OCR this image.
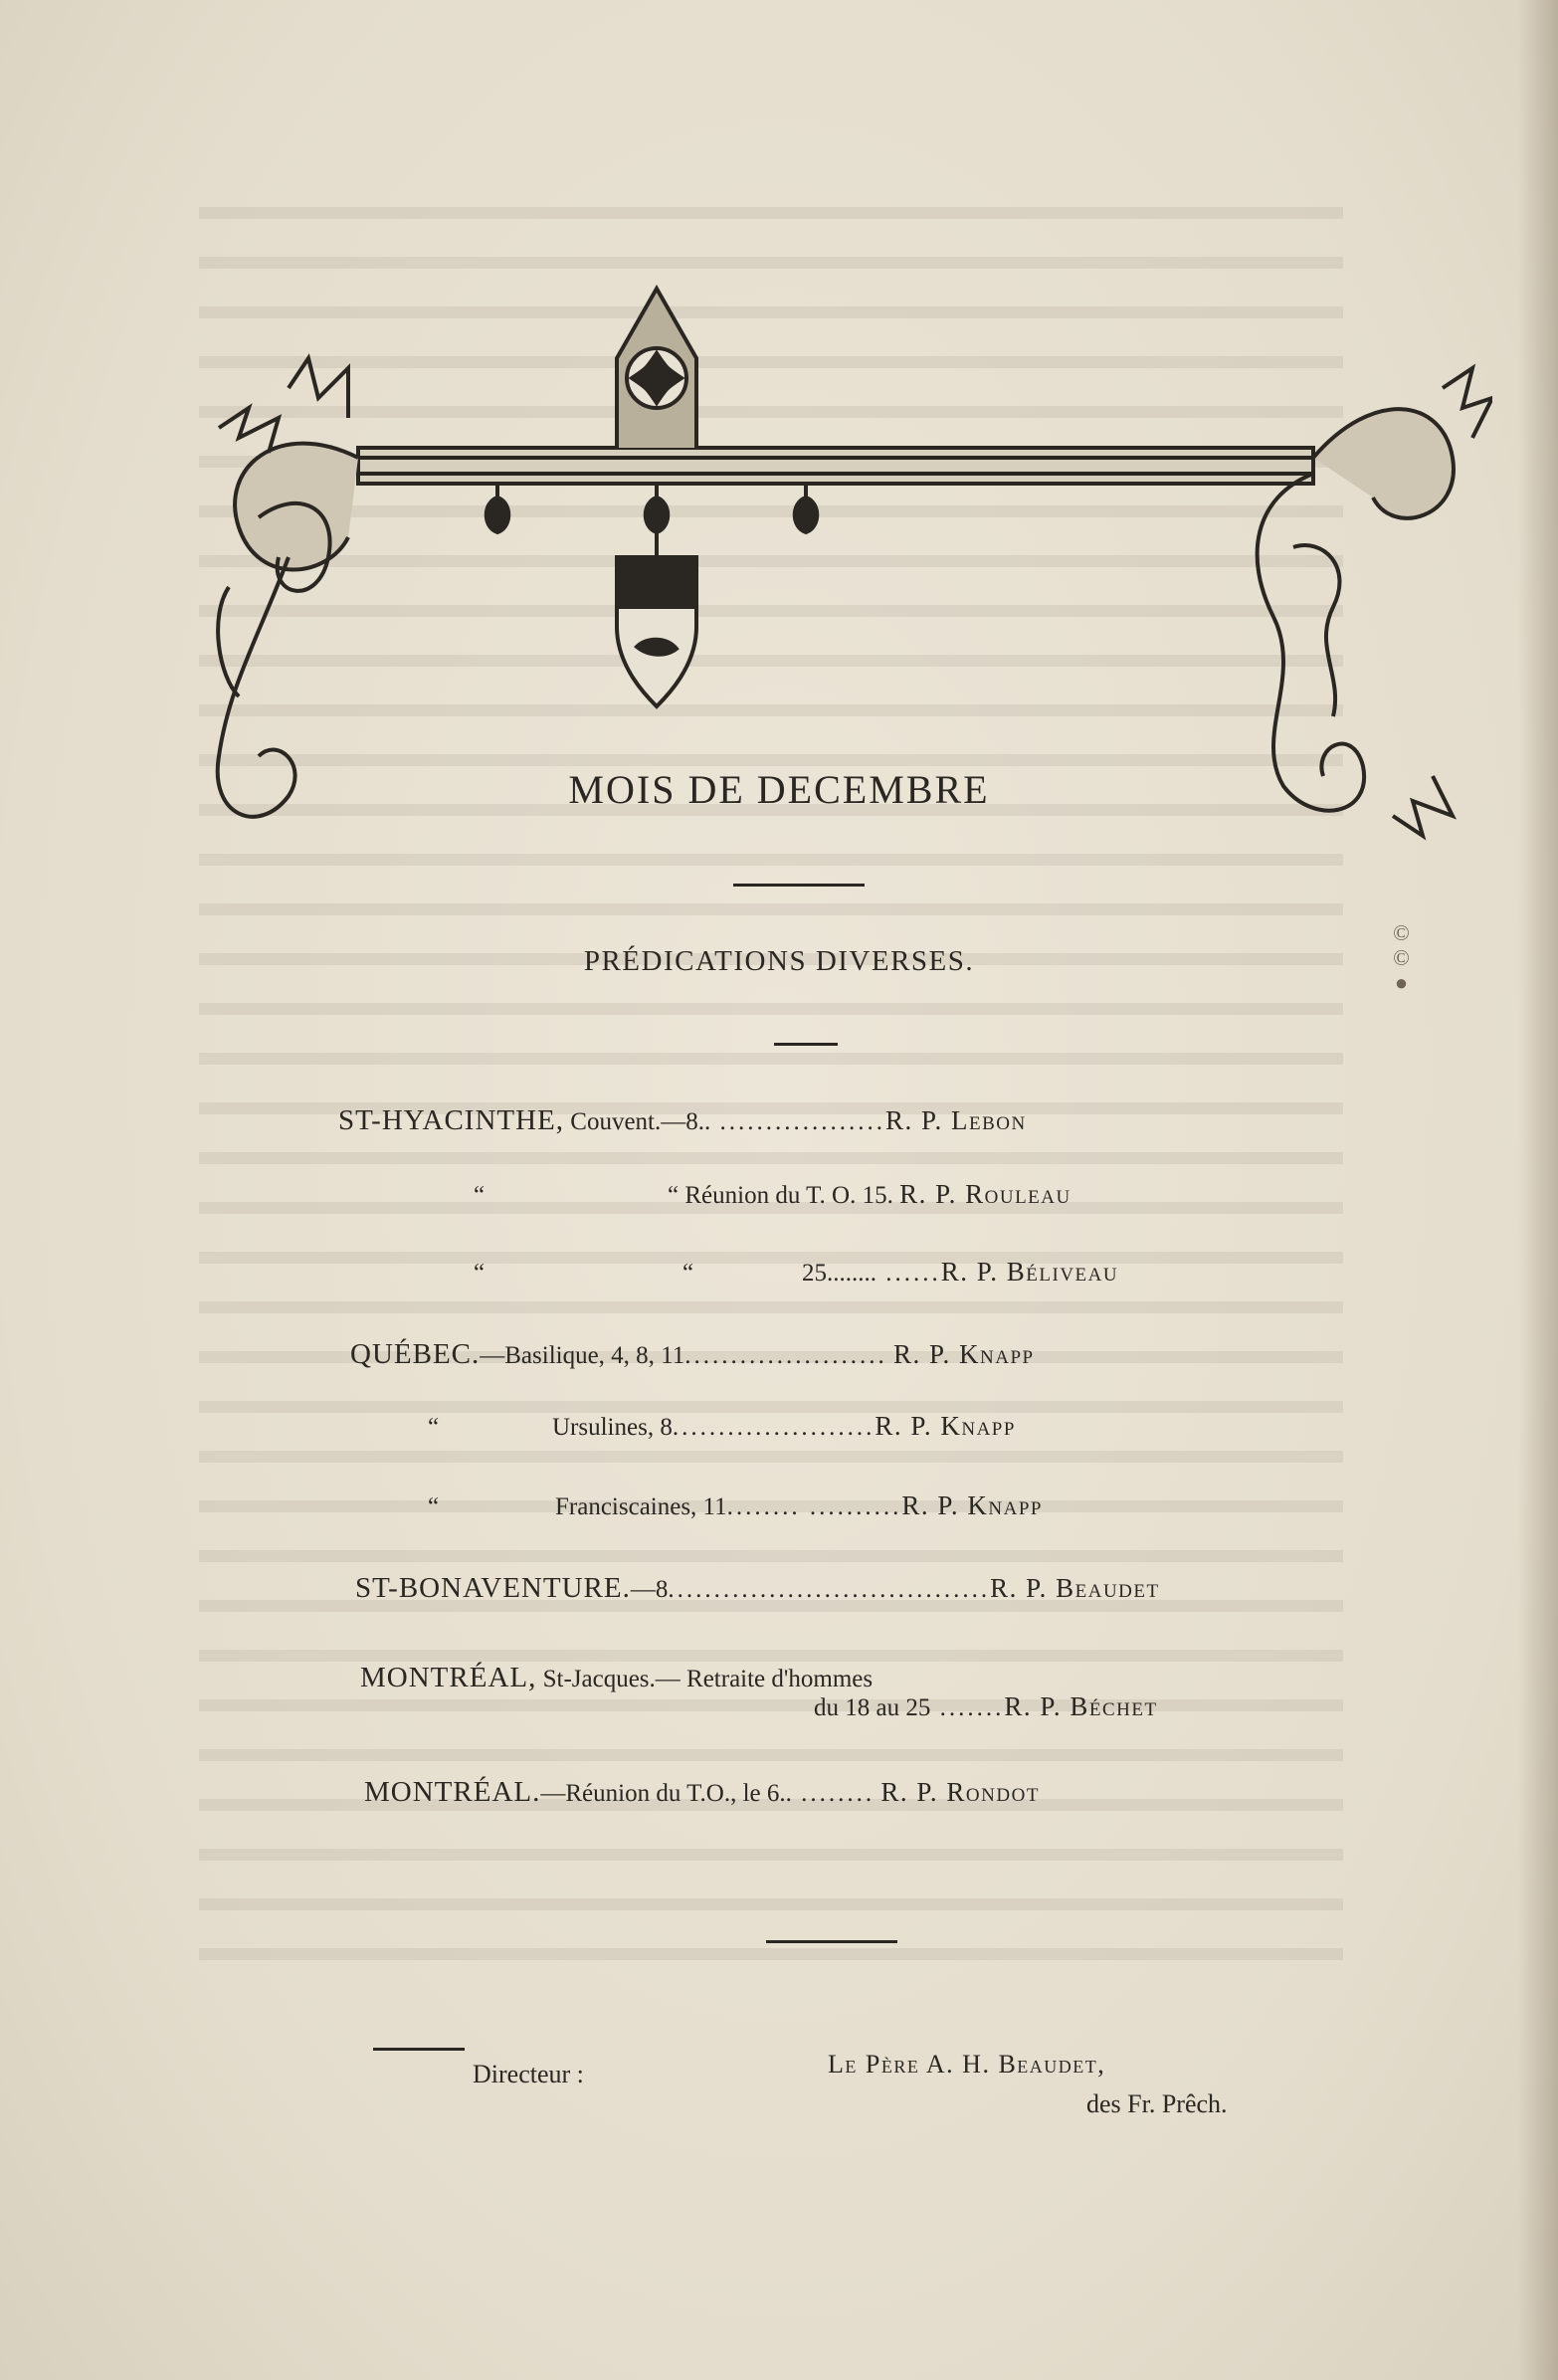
MOIS DE DECEMBRE
PRÉDICATIONS DIVERSES.
ST-HYACINTHE, Couvent.—8.. ..................R. P. Lebon
“	“ Réunion du T. O. 15. R. P. Rouleau
“	“	25........ ......R. P. Béliveau
QUÉBEC.—Basilique, 4, 8, 11...................... R. P. Knapp
“	Ursulines, 8......................R. P. Knapp
“	Franciscaines, 11........ ..........R. P. Knapp
ST-BONAVENTURE.—8...................................R. P. Beaudet
MONTRÉAL, St-Jacques.— Retraite d'hommes
du 18 au 25 .......R. P. Béchet
MONTRÉAL.—Réunion du T.O., le 6.. ........ R. P. Rondot
Directeur :	Le Père A. H. Beaudet,
des Fr. Prêch.
©©●
